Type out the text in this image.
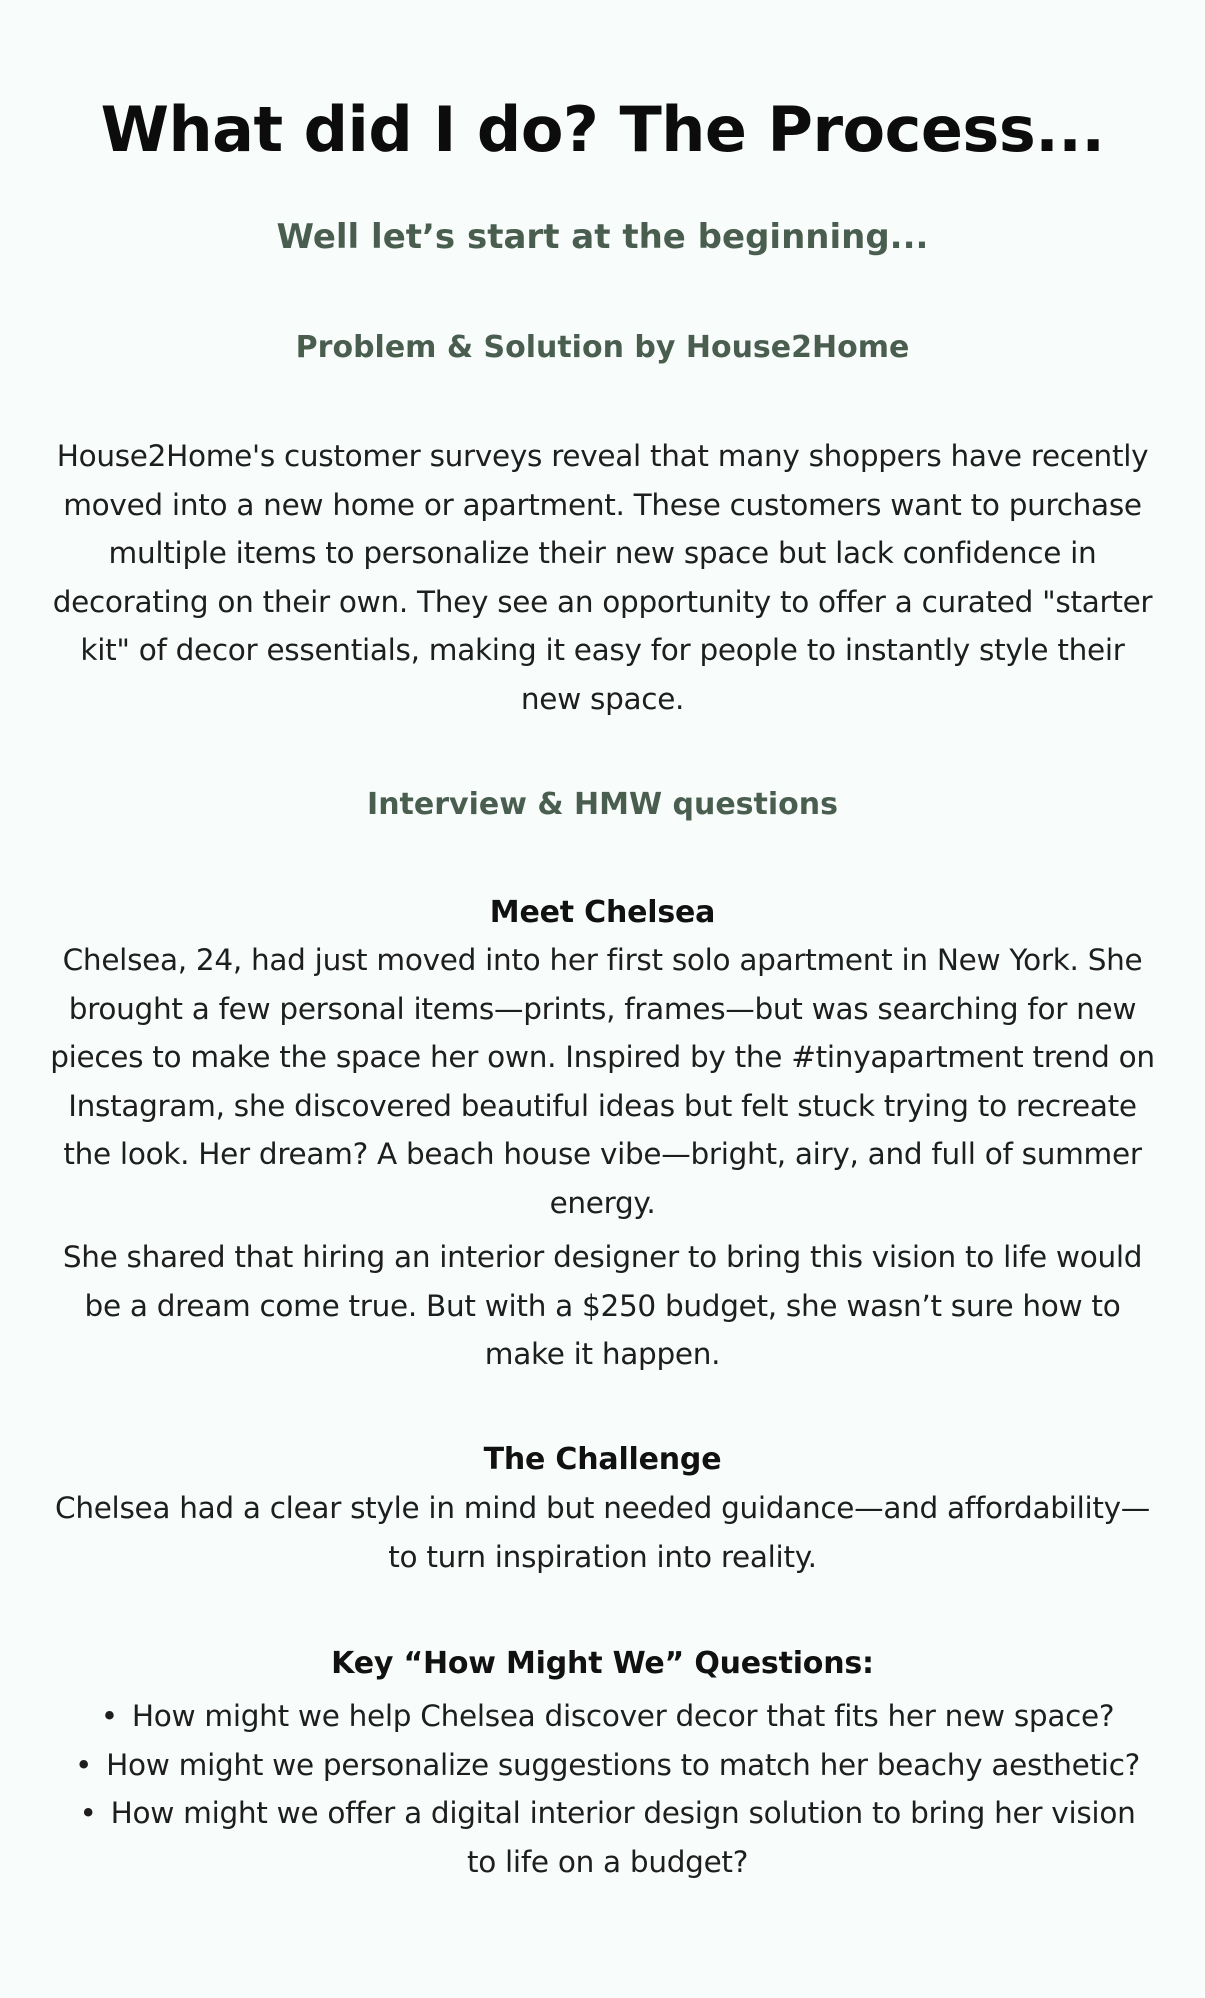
What did I do? The Process...
Well let’s start at the beginning...
Problem & Solution by House2Home
House2Home's customer surveys reveal that many shoppers have recently moved into a new home or apartment. These customers want to purchase multiple items to personalize their new space but lack confidence in decorating on their own. They see an opportunity to offer a curated "starter kit" of decor essentials, making it easy for people to instantly style their new space.
Interview & HMW questions
Meet Chelsea
Chelsea, 24, had just moved into her first solo apartment in New York. She brought a few personal items—prints, frames—but was searching for new pieces to make the space her own. Inspired by the #tinyapartment trend on Instagram, she discovered beautiful ideas but felt stuck trying to recreate the look. Her dream? A beach house vibe—bright, airy, and full of summer energy.
She shared that hiring an interior designer to bring this vision to life would be a dream come true. But with a $250 budget, she wasn’t sure how to make it happen.
The Challenge
Chelsea had a clear style in mind but needed guidance—and affordability—to turn inspiration into reality.
Key “How Might We” Questions:
• How might we help Chelsea discover decor that fits her new space?
• How might we personalize suggestions to match her beachy aesthetic?
• How might we offer a digital interior design solution to bring her vision to life on a budget?
